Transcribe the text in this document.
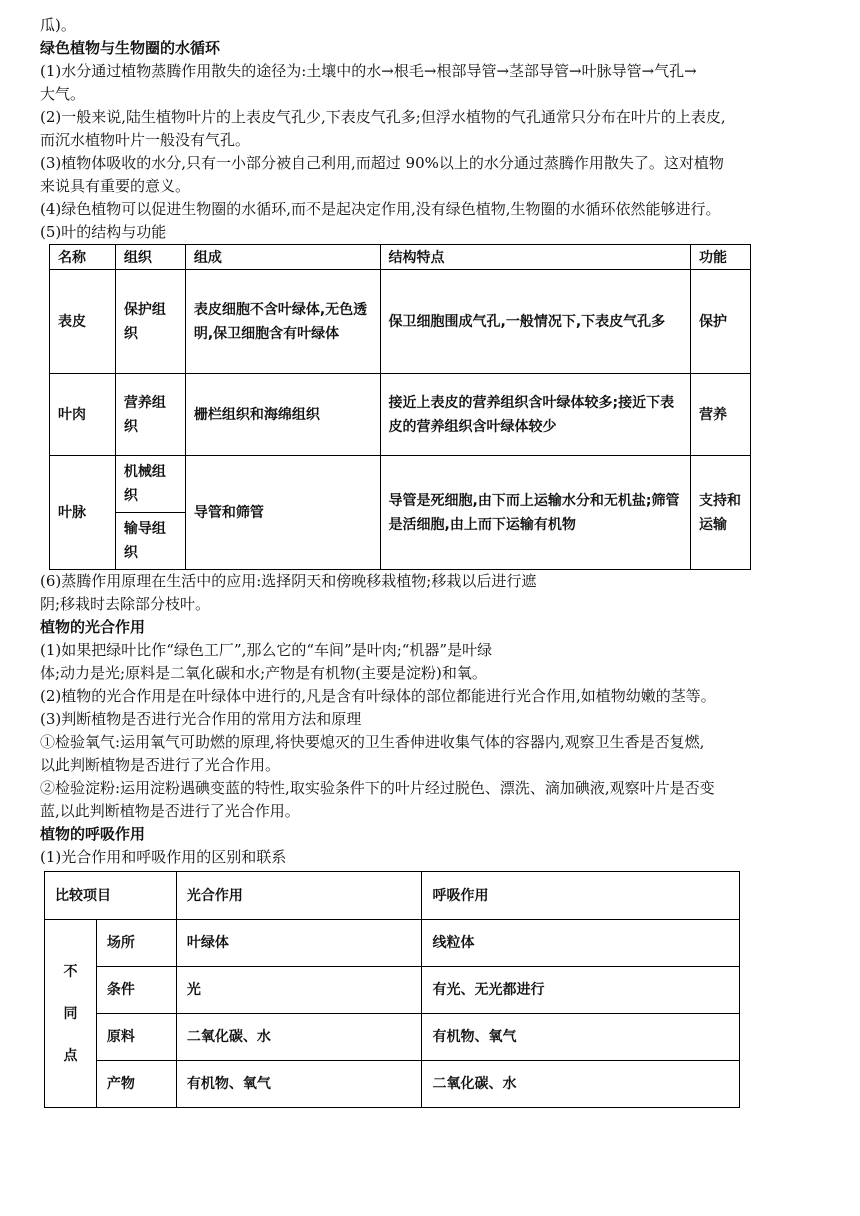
瓜)。

绿色植物与生物圈的水循环

(1)水分通过植物蒸腾作用散失的途径为:土壤中的水→根毛→根部导管→茎部导管→叶脉导管→气孔→

大气。

(2)一般来说,陆生植物叶片的上表皮气孔少,下表皮气孔多;但浮水植物的气孔通常只分布在叶片的上表皮,

而沉水植物叶片一般没有气孔。

(3)植物体吸收的水分,只有一小部分被自己利用,而超过 90%以上的水分通过蒸腾作用散失了。这对植物

来说具有重要的意义。

(4)绿色植物可以促进生物圈的水循环,而不是起决定作用,没有绿色植物,生物圈的水循环依然能够进行。

(5)叶的结构与功能

名称	组织	组成	结构特点	功能
表皮	保护组织	表皮细胞不含叶绿体,无色透明,保卫细胞含有叶绿体	保卫细胞围成气孔,一般情况下,下表皮气孔多	保护
叶肉	营养组织	栅栏组织和海绵组织	接近上表皮的营养组织含叶绿体较多;接近下表皮的营养组织含叶绿体较少	营养
叶脉	机械组织	导管和筛管	导管是死细胞,由下而上运输水分和无机盐;筛管是活细胞,由上而下运输有机物	支持和运输
	输导组织			

(6)蒸腾作用原理在生活中的应用:选择阴天和傍晚移栽植物;移栽以后进行遮

阴;移栽时去除部分枝叶。

植物的光合作用

(1)如果把绿叶比作“绿色工厂”,那么它的“车间”是叶肉;“机器”是叶绿

体;动力是光;原料是二氧化碳和水;产物是有机物(主要是淀粉)和氧。

(2)植物的光合作用是在叶绿体中进行的,凡是含有叶绿体的部位都能进行光合作用,如植物幼嫩的茎等。

(3)判断植物是否进行光合作用的常用方法和原理

①检验氧气:运用氧气可助燃的原理,将快要熄灭的卫生香伸进收集气体的容器内,观察卫生香是否复燃,

以此判断植物是否进行了光合作用。

②检验淀粉:运用淀粉遇碘变蓝的特性,取实验条件下的叶片经过脱色、漂洗、滴加碘液,观察叶片是否变

蓝,以此判断植物是否进行了光合作用。

植物的呼吸作用

(1)光合作用和呼吸作用的区别和联系

比较项目		光合作用	呼吸作用
不
同
点	场所	叶绿体	线粒体
	条件	光	有光、无光都进行
	原料	二氧化碳、水	有机物、氧气
	产物	有机物、氧气	二氧化碳、水
